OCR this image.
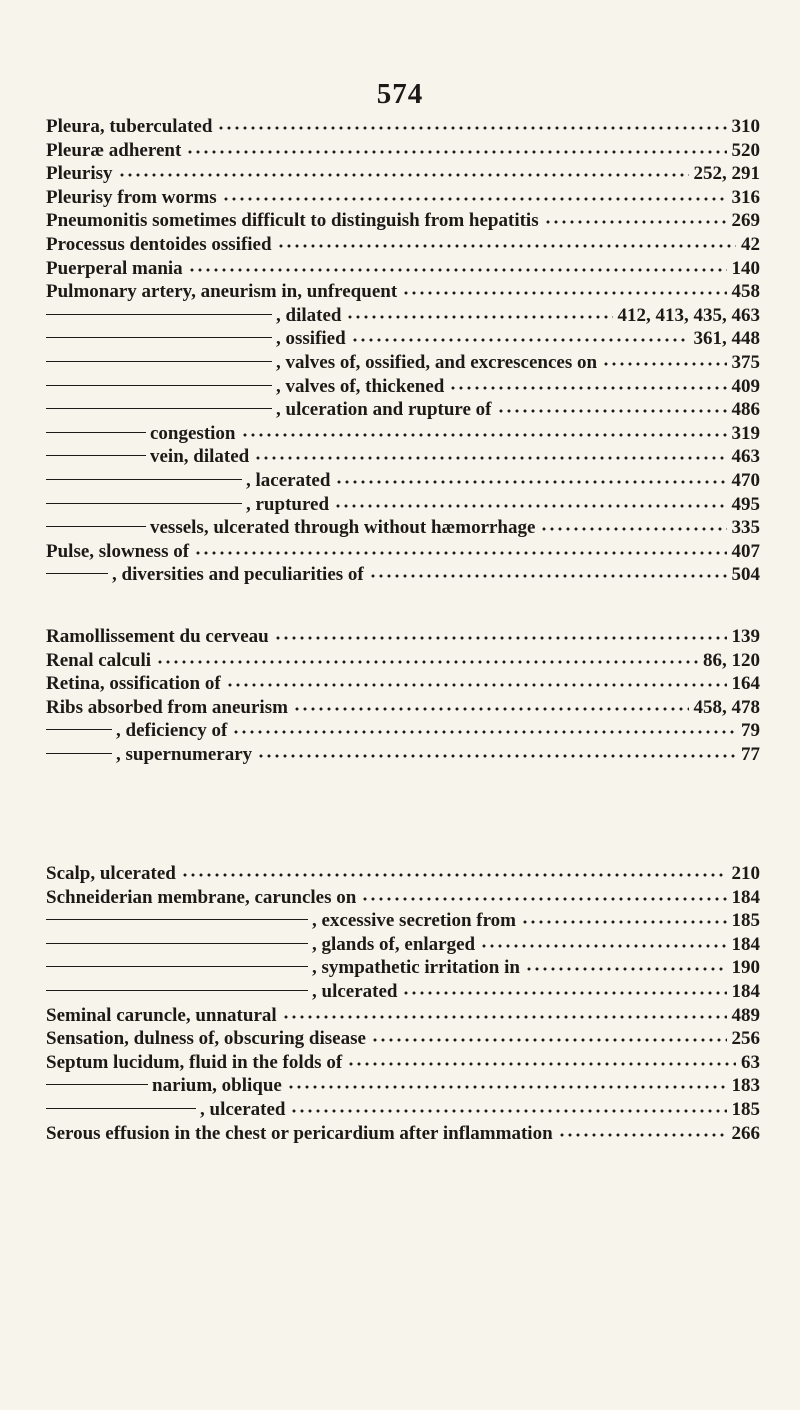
574
Pleura, tuberculated	310
Pleuræ adherent	520
Pleurisy	252, 291
Pleurisy from worms	316
Pneumonitis sometimes difficult to distinguish from hepatitis	269
Processus dentoides ossified	42
Puerperal mania	140
Pulmonary artery, aneurism in, unfrequent	458
, dilated	412, 413, 435, 463
, ossified	361, 448
, valves of, ossified, and excrescences on	375
, valves of, thickened	409
, ulceration and rupture of	486
congestion	319
vein, dilated	463
, lacerated	470
, ruptured	495
vessels, ulcerated through without hæmorrhage	335
Pulse, slowness of	407
, diversities and peculiarities of	504
Ramollissement du cerveau	139
Renal calculi	86, 120
Retina, ossification of	164
Ribs absorbed from aneurism	458, 478
, deficiency of	79
, supernumerary	77
Scalp, ulcerated	210
Schneiderian membrane, caruncles on	184
, excessive secretion from	185
, glands of, enlarged	184
, sympathetic irritation in	190
, ulcerated	184
Seminal caruncle, unnatural	489
Sensation, dulness of, obscuring disease	256
Septum lucidum, fluid in the folds of	63
narium, oblique	183
, ulcerated	185
Serous effusion in the chest or pericardium after inflammation	266
